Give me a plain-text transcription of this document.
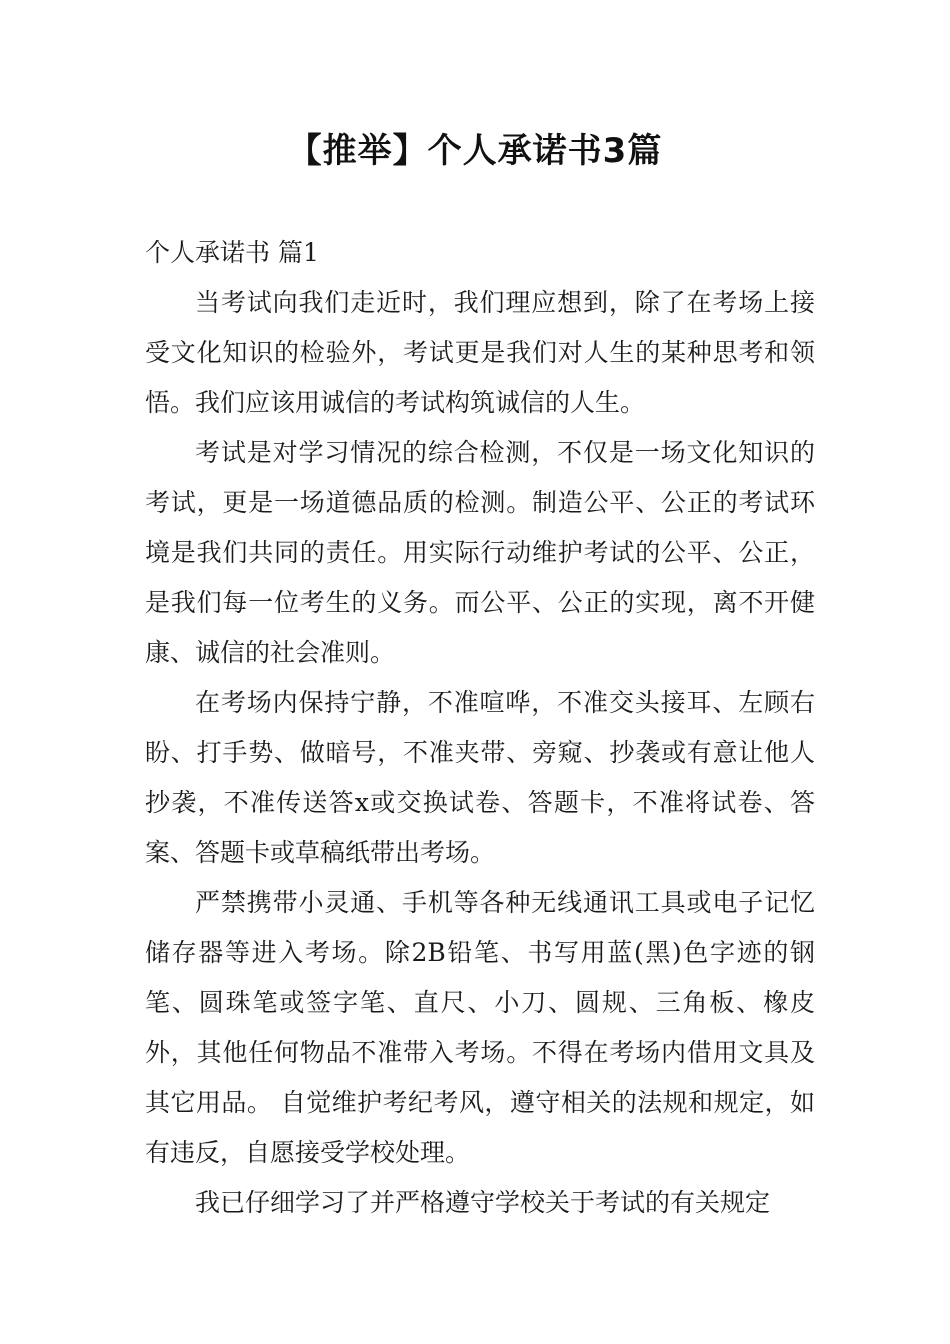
【推举】个人承诺书3篇
个人承诺书 篇1

当考试向我们走近时，我们理应想到，除了在考场上接受文化知识的检验外，考试更是我们对人生的某种思考和领悟。我们应该用诚信的考试构筑诚信的人生。

考试是对学习情况的综合检测，不仅是一场文化知识的考试，更是一场道德品质的检测。制造公平、公正的考试环境是我们共同的责任。用实际行动维护考试的公平、公正，是我们每一位考生的义务。而公平、公正的实现，离不开健康、诚信的社会准则。

在考场内保持宁静，不准喧哗，不准交头接耳、左顾右盼、打手势、做暗号，不准夹带、旁窥、抄袭或有意让他人抄袭，不准传送答x或交换试卷、答题卡，不准将试卷、答案、答题卡或草稿纸带出考场。

严禁携带小灵通、手机等各种无线通讯工具或电子记忆储存器等进入考场。除2B铅笔、书写用蓝(黑)色字迹的钢笔、圆珠笔或签字笔、直尺、小刀、圆规、三角板、橡皮外，其他任何物品不准带入考场。不得在考场内借用文具及其它用品。 自觉维护考纪考风，遵守相关的法规和规定，如有违反，自愿接受学校处理。

我已仔细学习了并严格遵守学校关于考试的有关规定
